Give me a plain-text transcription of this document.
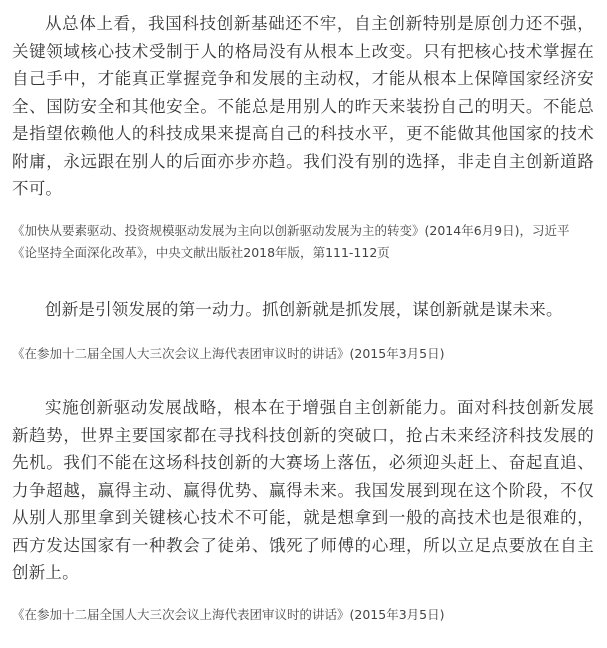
从总体上看，我国科技创新基础还不牢，自主创新特别是原创力还不强，关键领域核心技术受制于人的格局没有从根本上改变。只有把核心技术掌握在自己手中，才能真正掌握竞争和发展的主动权，才能从根本上保障国家经济安全、国防安全和其他安全。不能总是用别人的昨天来装扮自己的明天。不能总是指望依赖他人的科技成果来提高自己的科技水平，更不能做其他国家的技术附庸，永远跟在别人的后面亦步亦趋。我们没有别的选择，非走自主创新道路不可。

《加快从要素驱动、投资规模驱动发展为主向以创新驱动发展为主的转变》(2014年6月9日)，习近平
《论坚持全面深化改革》，中央文献出版社2018年版，第111-112页

创新是引领发展的第一动力。抓创新就是抓发展，谋创新就是谋未来。

《在参加十二届全国人大三次会议上海代表团审议时的讲话》(2015年3月5日)

实施创新驱动发展战略，根本在于增强自主创新能力。面对科技创新发展新趋势，世界主要国家都在寻找科技创新的突破口，抢占未来经济科技发展的先机。我们不能在这场科技创新的大赛场上落伍，必须迎头赶上、奋起直追、力争超越，赢得主动、赢得优势、赢得未来。我国发展到现在这个阶段，不仅从别人那里拿到关键核心技术不可能，就是想拿到一般的高技术也是很难的，西方发达国家有一种教会了徒弟、饿死了师傅的心理，所以立足点要放在自主创新上。

《在参加十二届全国人大三次会议上海代表团审议时的讲话》(2015年3月5日)
